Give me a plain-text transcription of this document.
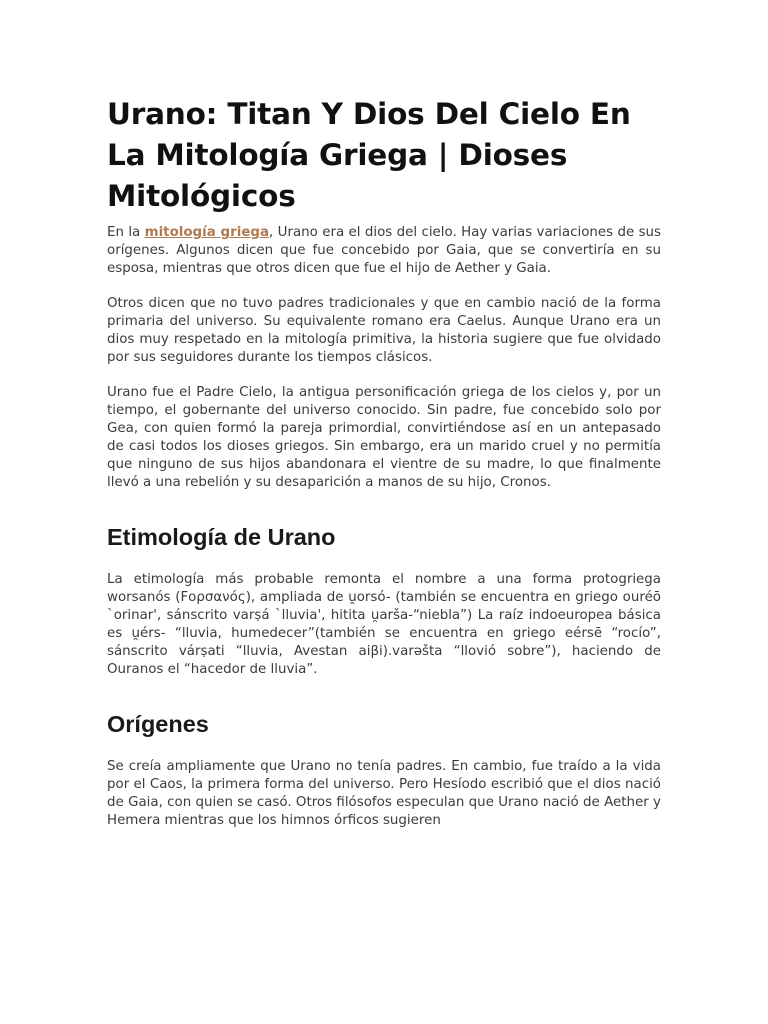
Urano: Titan Y Dios Del Cielo En La Mitología Griega | Dioses Mitológicos

En la mitología griega, Urano era el dios del cielo. Hay varias variaciones de sus orígenes. Algunos dicen que fue concebido por Gaia, que se convertiría en su esposa, mientras que otros dicen que fue el hijo de Aether y Gaia.

Otros dicen que no tuvo padres tradicionales y que en cambio nació de la forma primaria del universo. Su equivalente romano era Caelus. Aunque Urano era un dios muy respetado en la mitología primitiva, la historia sugiere que fue olvidado por sus seguidores durante los tiempos clásicos.

Urano fue el Padre Cielo, la antigua personificación griega de los cielos y, por un tiempo, el gobernante del universo conocido. Sin padre, fue concebido solo por Gea, con quien formó la pareja primordial, convirtiéndose así en un antepasado de casi todos los dioses griegos. Sin embargo, era un marido cruel y no permitía que ninguno de sus hijos abandonara el vientre de su madre, lo que finalmente llevó a una rebelión y su desaparición a manos de su hijo, Cronos.

Etimología de Urano

La etimología más probable remonta el nombre a una forma protogriega worsanós (Ϝορσανός), ampliada de u̯orsó- (también se encuentra en griego ouréō `orinar', sánscrito varṣá `lluvia', hitita u̯arša-“niebla”) La raíz indoeuropea básica es u̯érs- “lluvia, humedecer”(también se encuentra en griego eérsē “rocío”, sánscrito várṣati “lluvia, Avestan aiβi).varəšta “llovió sobre”), haciendo de Ouranos el “hacedor de lluvia”.

Orígenes

Se creía ampliamente que Urano no tenía padres. En cambio, fue traído a la vida por el Caos, la primera forma del universo. Pero Hesíodo escribió que el dios nació de Gaia, con quien se casó. Otros filósofos especulan que Urano nació de Aether y Hemera mientras que los himnos órficos sugieren
